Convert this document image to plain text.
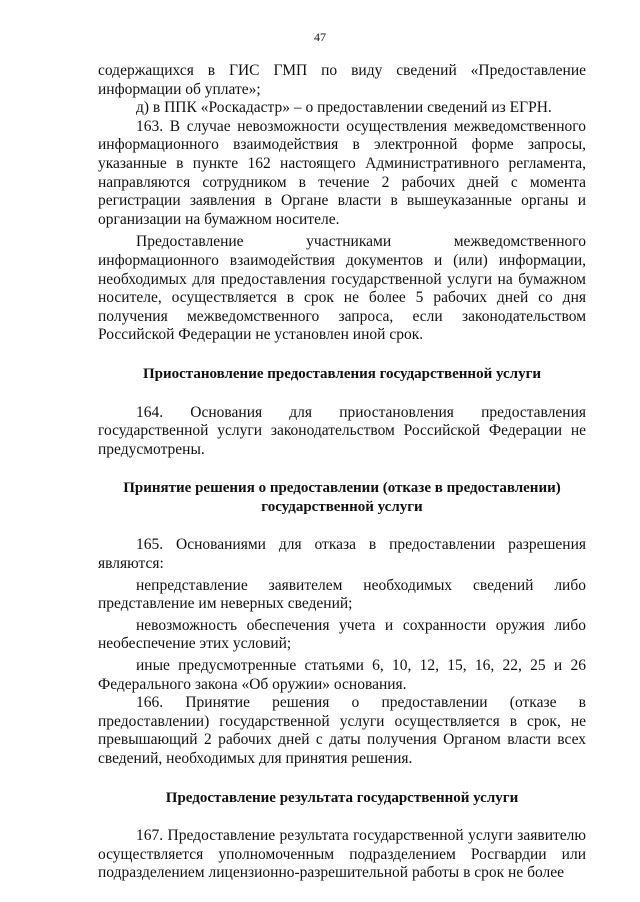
47

содержащихся в ГИС ГМП по виду сведений «Предоставление информации об уплате»;

д) в ППК «Роскадастр» – о предоставлении сведений из ЕГРН.

163. В случае невозможности осуществления межведомственного информационного взаимодействия в электронной форме запросы, указанные в пункте 162 настоящего Административного регламента, направляются сотрудником в течение 2 рабочих дней с момента регистрации заявления в Органе власти в вышеуказанные органы и организации на бумажном носителе.

Предоставление участниками межведомственного информационного взаимодействия документов и (или) информации, необходимых для предоставления государственной услуги на бумажном носителе, осуществляется в срок не более 5 рабочих дней со дня получения межведомственного запроса, если законодательством Российской Федерации не установлен иной срок.

Приостановление предоставления государственной услуги

164. Основания для приостановления предоставления государственной услуги законодательством Российской Федерации не предусмотрены.

Принятие решения о предоставлении (отказе в предоставлении)

государственной услуги

165. Основаниями для отказа в предоставлении разрешения являются:

непредставление заявителем необходимых сведений либо представление им неверных сведений;

невозможность обеспечения учета и сохранности оружия либо необеспечение этих условий;

иные предусмотренные статьями 6, 10, 12, 15, 16, 22, 25 и 26 Федерального закона «Об оружии» основания.

166. Принятие решения о предоставлении (отказе в предоставлении) государственной услуги осуществляется в срок, не превышающий 2 рабочих дней с даты получения Органом власти всех сведений, необходимых для принятия решения.

Предоставление результата государственной услуги

167. Предоставление результата государственной услуги заявителю осуществляется уполномоченным подразделением Росгвардии или подразделением лицензионно-разрешительной работы в срок не более
